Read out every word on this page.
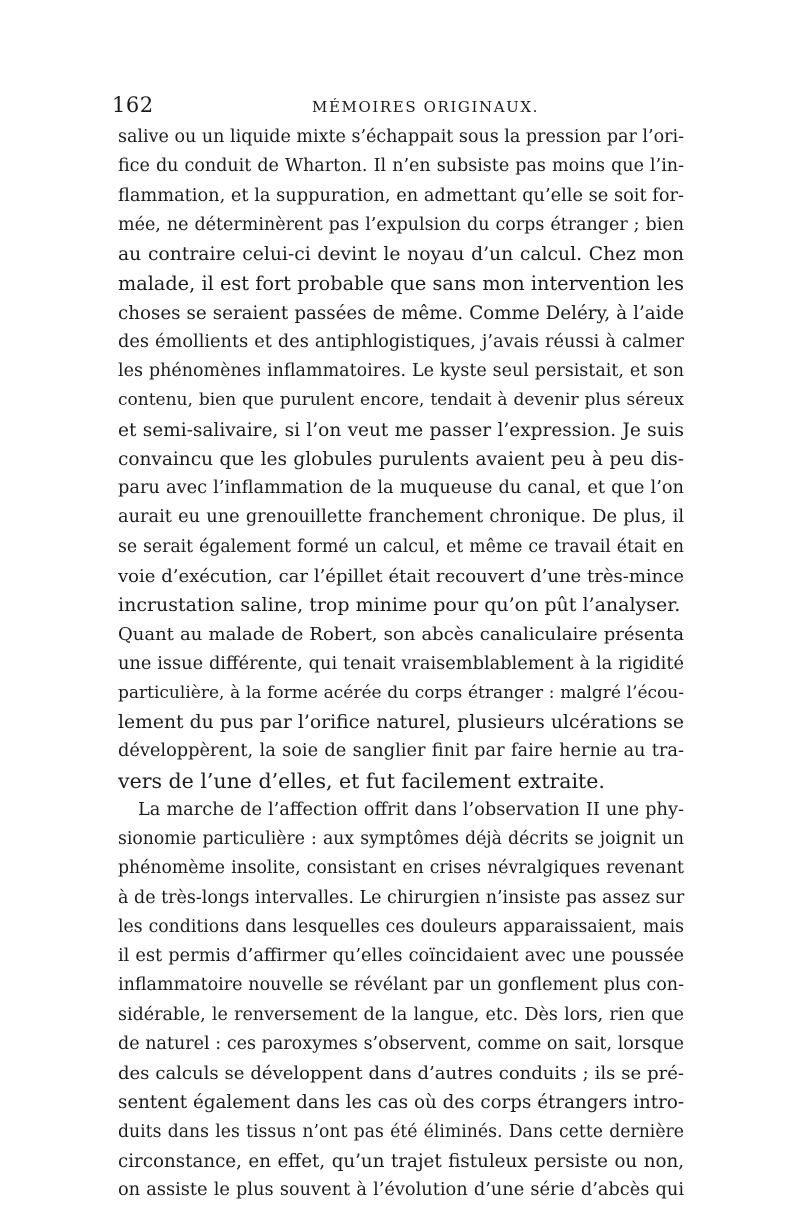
162	MÉMOIRES ORIGINAUX.
salive ou un liquide mixte s’échappait sous la pression par l’ori-
fice du conduit de Wharton. Il n’en subsiste pas moins que l’in-
flammation, et la suppuration, en admettant qu’elle se soit for-
mée, ne déterminèrent pas l’expulsion du corps étranger ; bien
au contraire celui-ci devint le noyau d’un calcul. Chez mon
malade, il est fort probable que sans mon intervention les
choses se seraient passées de même. Comme Deléry, à l’aide
des émollients et des antiphlogistiques, j’avais réussi à calmer
les phénomènes inflammatoires. Le kyste seul persistait, et son
contenu, bien que purulent encore, tendait à devenir plus séreux
et semi-salivaire, si l’on veut me passer l’expression. Je suis
convaincu que les globules purulents avaient peu à peu dis-
paru avec l’inflammation de la muqueuse du canal, et que l’on
aurait eu une grenouillette franchement chronique. De plus, il
se serait également formé un calcul, et même ce travail était en
voie d’exécution, car l’épillet était recouvert d’une très-mince
incrustation saline, trop minime pour qu’on pût l’analyser.
Quant au malade de Robert, son abcès canaliculaire présenta
une issue différente, qui tenait vraisemblablement à la rigidité
particulière, à la forme acérée du corps étranger : malgré l’écou-
lement du pus par l’orifice naturel, plusieurs ulcérations se
développèrent, la soie de sanglier finit par faire hernie au tra-
vers de l’une d’elles, et fut facilement extraite.
La marche de l’affection offrit dans l’observation II une phy-
sionomie particulière : aux symptômes déjà décrits se joignit un
phénomème insolite, consistant en crises névralgiques revenant
à de très-longs intervalles. Le chirurgien n’insiste pas assez sur
les conditions dans lesquelles ces douleurs apparaissaient, mais
il est permis d’affirmer qu’elles coïncidaient avec une poussée
inflammatoire nouvelle se révélant par un gonflement plus con-
sidérable, le renversement de la langue, etc. Dès lors, rien que
de naturel : ces paroxymes s’observent, comme on sait, lorsque
des calculs se développent dans d’autres conduits ; ils se pré-
sentent également dans les cas où des corps étrangers intro-
duits dans les tissus n’ont pas été éliminés. Dans cette dernière
circonstance, en effet, qu’un trajet fistuleux persiste ou non,
on assiste le plus souvent à l’évolution d’une série d’abcès qui
